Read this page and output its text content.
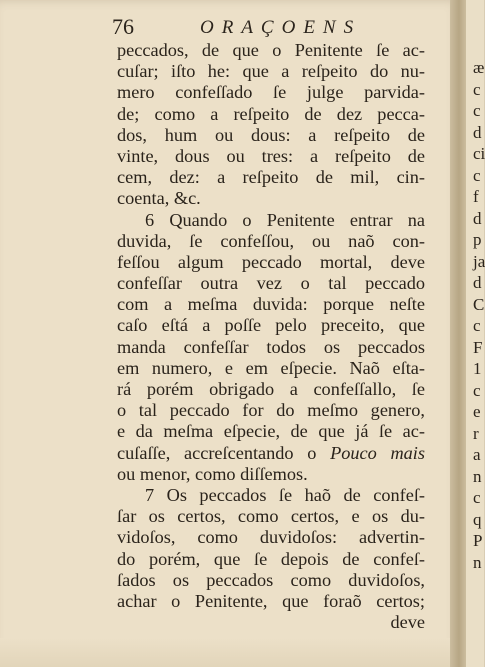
76	ORAÇOENS
peccados, de que o Penitente ſe ac-
cuſar; iſto he: que a reſpeito do nu-
mero confeſſado ſe julge parvida-
de; como a reſpeito de dez pecca-
dos, hum ou dous: a reſpeito de
vinte, dous ou tres: a reſpeito de
cem, dez: a reſpeito de mil, cin-
coenta, &c.
6 Quando o Penitente entrar na
duvida, ſe confeſſou, ou naõ con-
feſſou algum peccado mortal, deve
confeſſar outra vez o tal peccado
com a meſma duvida: porque neſte
caſo eſtá a poſſe pelo preceito, que
manda confeſſar todos os peccados
em numero, e em eſpecie. Naõ eſta-
rá porém obrigado a confeſſallo, ſe
o tal peccado for do meſmo genero,
e da meſma eſpecie, de que já ſe ac-
cuſaſſe, accreſcentando o Pouco mais
ou menor, como diſſemos.
7 Os peccados ſe haõ de confeſ-
ſar os certos, como certos, e os du-
vidoſos, como duvidoſos: advertin-
do porém, que ſe depois de confeſ-
ſados os peccados como duvidoſos,
achar o Penitente, que foraõ certos;
deve
æ
c
c
d
ci
c
f
d
p
ja
d
C
c
F
1
c
e
r
a
n
c
q
P
n
